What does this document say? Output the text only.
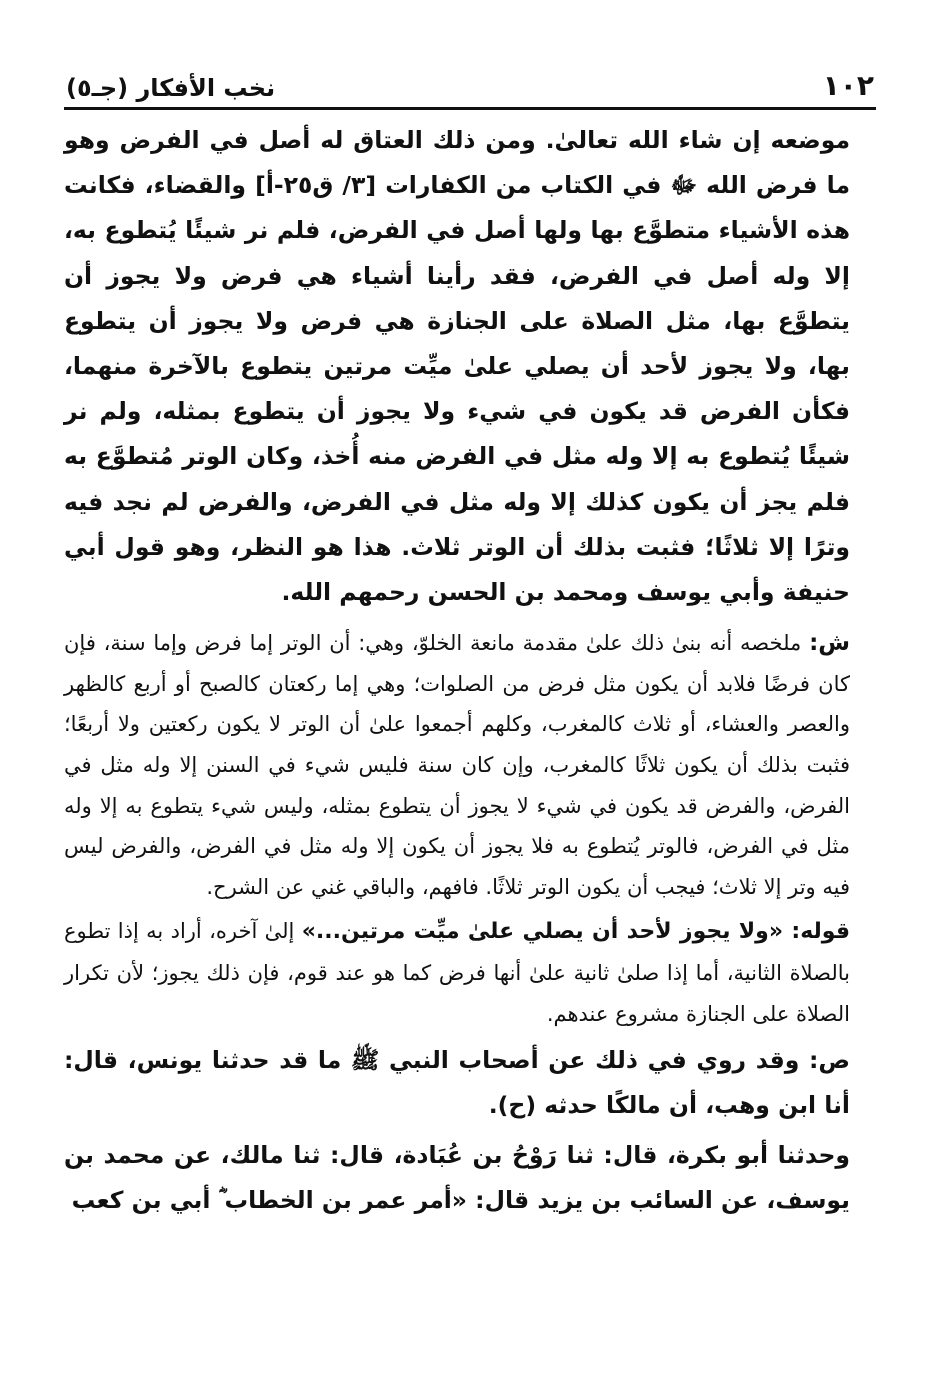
١٠٢
نخب الأفكار (جـ٥)

موضعه إن شاء الله تعالىٰ. ومن ذلك العتاق له أصل في الفرض وهو ما فرض الله ﷻ في الكتاب من الكفارات [٣/ ق٢٥-أ] والقضاء، فكانت هذه الأشياء متطوَّع بها ولها أصل في الفرض، فلم نر شيئًا يُتطوع به، إلا وله أصل في الفرض، فقد رأينا أشياء هي فرض ولا يجوز أن يتطوَّع بها، مثل الصلاة على الجنازة هي فرض ولا يجوز أن يتطوع بها، ولا يجوز لأحد أن يصلي علىٰ ميِّت مرتين يتطوع بالآخرة منهما، فكأن الفرض قد يكون في شيء ولا يجوز أن يتطوع بمثله، ولم نر شيئًا يُتطوع به إلا وله مثل في الفرض منه أُخذ، وكان الوتر مُتطوَّع به فلم يجز أن يكون كذلك إلا وله مثل في الفرض، والفرض لم نجد فيه وترًا إلا ثلاثًا؛ فثبت بذلك أن الوتر ثلاث. هذا هو النظر، وهو قول أبي حنيفة وأبي يوسف ومحمد بن الحسن رحمهم الله.

ش: ملخصه أنه بنىٰ ذلك علىٰ مقدمة مانعة الخلوّ، وهي: أن الوتر إما فرض وإما سنة، فإن كان فرضًا فلابد أن يكون مثل فرض من الصلوات؛ وهي إما ركعتان كالصبح أو أربع كالظهر والعصر والعشاء، أو ثلاث كالمغرب، وكلهم أجمعوا علىٰ أن الوتر لا يكون ركعتين ولا أربعًا؛ فثبت بذلك أن يكون ثلاثًا كالمغرب، وإن كان سنة فليس شيء في السنن إلا وله مثل في الفرض، والفرض قد يكون في شيء لا يجوز أن يتطوع بمثله، وليس شيء يتطوع به إلا وله مثل في الفرض، فالوتر يُتطوع به فلا يجوز أن يكون إلا وله مثل في الفرض، والفرض ليس فيه وتر إلا ثلاث؛ فيجب أن يكون الوتر ثلاثًا. فافهم، والباقي غني عن الشرح.

قوله: «ولا يجوز لأحد أن يصلي علىٰ ميِّت مرتين...» إلىٰ آخره، أراد به إذا تطوع بالصلاة الثانية، أما إذا صلىٰ ثانية علىٰ أنها فرض كما هو عند قوم، فإن ذلك يجوز؛ لأن تكرار الصلاة على الجنازة مشروع عندهم.

ص: وقد روي في ذلك عن أصحاب النبي ﷺ ما قد حدثنا يونس، قال: أنا ابن وهب، أن مالكًا حدثه (ح).

وحدثنا أبو بكرة، قال: ثنا رَوْحُ بن عُبَادة، قال: ثنا مالك، عن محمد بن يوسف، عن السائب بن يزيد قال: «أمر عمر بن الخطاب ؓ أبي بن كعب
